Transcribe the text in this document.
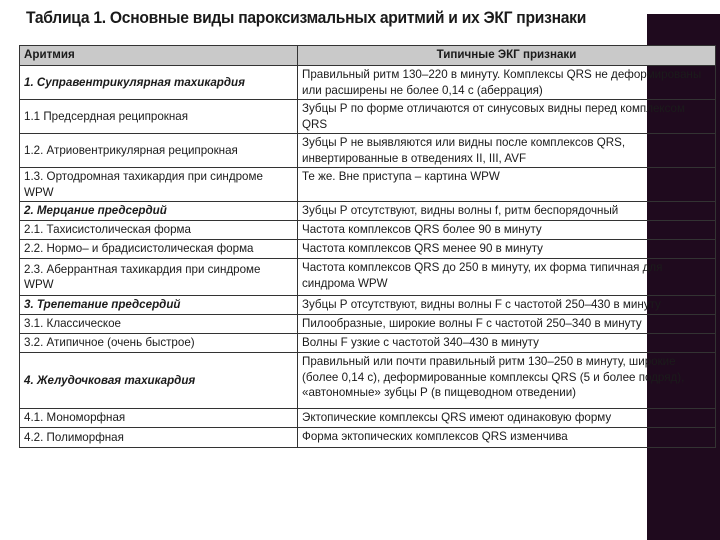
Таблица 1. Основные виды пароксизмальных аритмий и их ЭКГ признаки
Аритмия	Типичные ЭКГ признаки
1. Суправентрикулярная тахикардия	Правильный ритм 130–220 в минуту. Комплексы QRS не деформированы или расширены не более 0,14 с (аберрация)
1.1 Предсердная реципрокная	Зубцы Р по форме отличаются от синусовых видны перед комплексом QRS
1.2. Атриовентрикулярная реципрокная	Зубцы Р не выявляются или видны после комплексов QRS, инвертированные в отведениях II, III, AVF
1.3. Ортодромная тахикардия при синдроме WPW	Те же. Вне приступа – картина WPW
2. Мерцание предсердий	Зубцы Р отсутствуют, видны волны f, ритм беспорядочный
2.1. Тахисистолическая форма	Частота комплексов QRS более 90 в минуту
2.2. Нормо– и брадисистолическая форма	Частота комплексов QRS менее 90 в минуту
2.3. Аберрантная тахикардия при синдроме WPW	Частота комплексов QRS до 250 в минуту, их форма типичная для синдрома WPW
3. Трепетание предсердий	Зубцы Р отсутствуют, видны волны F с частотой 250–430 в минуту
3.1. Классическое	Пилообразные, широкие волны F с частотой 250–340 в минуту
3.2. Атипичное (очень быстрое)	Волны F узкие с частотой 340–430 в минуту
4. Желудочковая тахикардия	Правильный или почти правильный ритм 130–250 в минуту, широкие (более 0,14 с), деформированные комплексы QRS (5 и более подряд), «автономные» зубцы Р (в пищеводном отведении)
4.1. Мономорфная	Эктопические комплексы QRS имеют одинаковую форму
4.2. Полиморфная	Форма эктопических комплексов QRS изменчива
